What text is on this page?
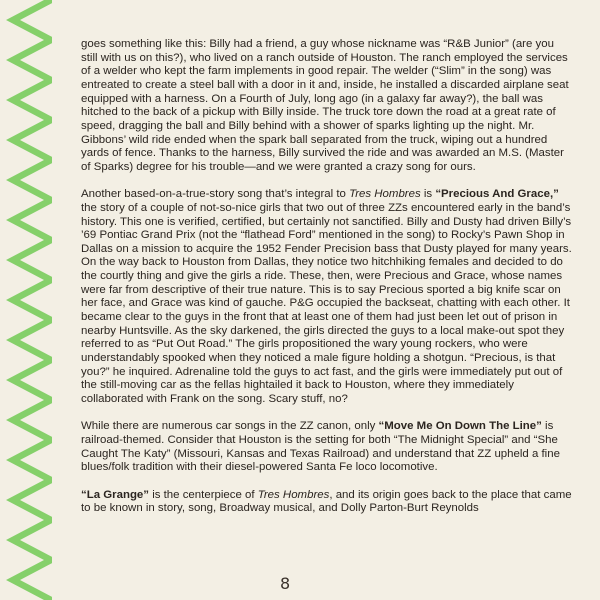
goes something like this: Billy had a friend, a guy whose nickname was “R&B Junior” (are you still with us on this?), who lived on a ranch outside of Houston. The ranch employed the services of a welder who kept the farm implements in good repair. The welder (“Slim” in the song) was entreated to create a steel ball with a door in it and, inside, he installed a discarded airplane seat equipped with a harness. On a Fourth of July, long ago (in a galaxy far away?), the ball was hitched to the back of a pickup with Billy inside. The truck tore down the road at a great rate of speed, dragging the ball and Billy behind with a shower of sparks lighting up the night. Mr. Gibbons’ wild ride ended when the spark ball separated from the truck, wiping out a hundred yards of fence. Thanks to the harness, Billy survived the ride and was awarded an M.S. (Master of Sparks) degree for his trouble—and we were granted a crazy song for ours.

Another based-on-a-true-story song that’s integral to Tres Hombres is “Precious And Grace,” the story of a couple of not-so-nice girls that two out of three ZZs encountered early in the band’s history. This one is verified, certified, but certainly not sanctified. Billy and Dusty had driven Billy’s ’69 Pontiac Grand Prix (not the “flathead Ford” mentioned in the song) to Rocky’s Pawn Shop in Dallas on a mission to acquire the 1952 Fender Precision bass that Dusty played for many years. On the way back to Houston from Dallas, they notice two hitchhiking females and decided to do the courtly thing and give the girls a ride. These, then, were Precious and Grace, whose names were far from descriptive of their true nature. This is to say Precious sported a big knife scar on her face, and Grace was kind of gauche. P&G occupied the backseat, chatting with each other. It became clear to the guys in the front that at least one of them had just been let out of prison in nearby Huntsville. As the sky darkened, the girls directed the guys to a local make-out spot they referred to as “Put Out Road.” The girls propositioned the wary young rockers, who were understandably spooked when they noticed a male figure holding a shotgun. “Precious, is that you?” he inquired. Adrenaline told the guys to act fast, and the girls were immediately put out of the still-moving car as the fellas hightailed it back to Houston, where they immediately collaborated with Frank on the song. Scary stuff, no?

While there are numerous car songs in the ZZ canon, only “Move Me On Down The Line” is railroad-themed. Consider that Houston is the setting for both “The Midnight Special” and “She Caught The Katy” (Missouri, Kansas and Texas Railroad) and understand that ZZ upheld a fine blues/folk tradition with their diesel-powered Santa Fe loco locomotive.

“La Grange” is the centerpiece of Tres Hombres, and its origin goes back to the place that came to be known in story, song, Broadway musical, and Dolly Parton-Burt Reynolds

8
